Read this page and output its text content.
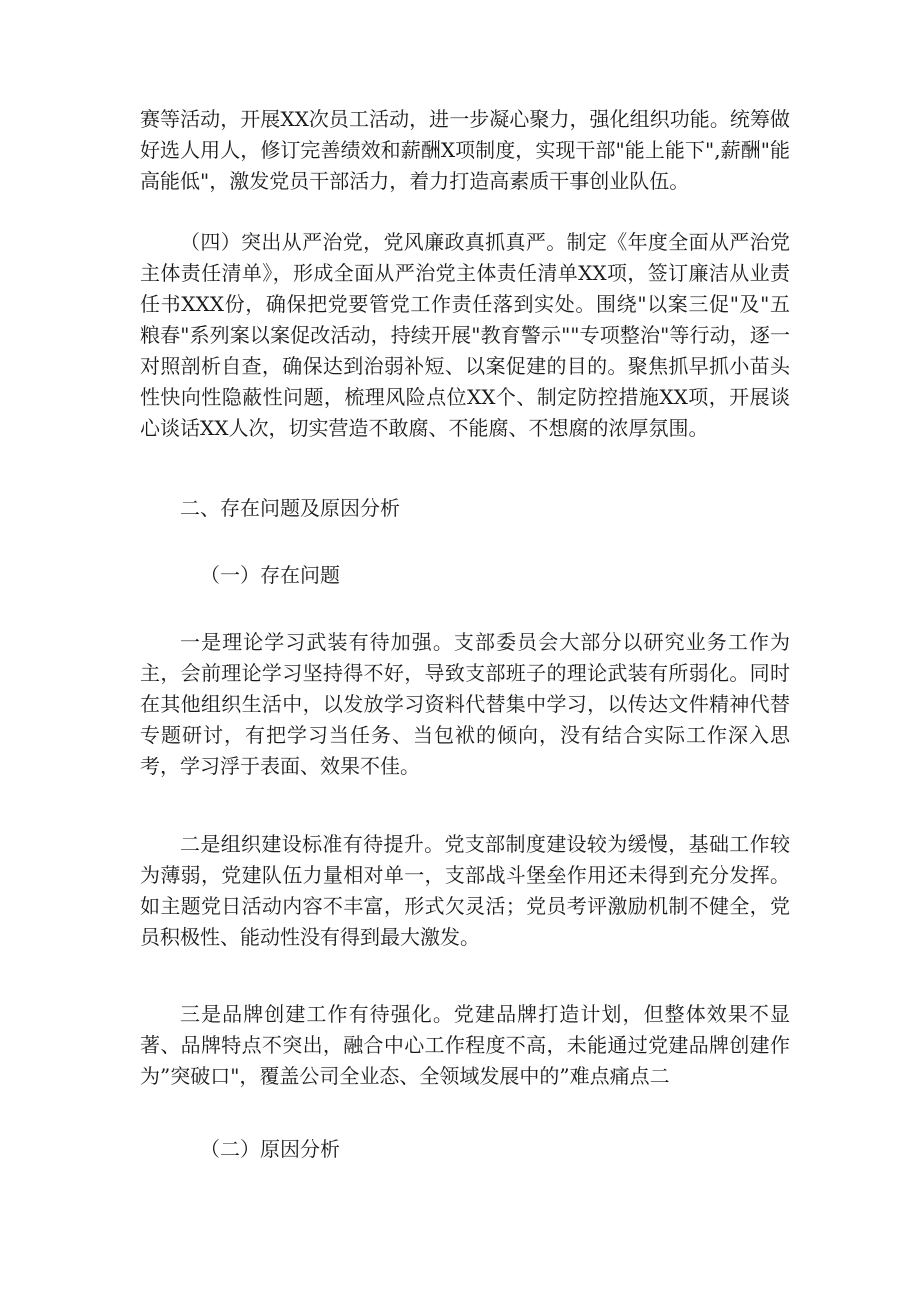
赛等活动，开展XX次员工活动，进一步凝心聚力，强化组织功能。统筹做好选人用人，修订完善绩效和薪酬X项制度，实现干部"能上能下",薪酬"能高能低"，激发党员干部活力，着力打造高素质干事创业队伍。

（四）突出从严治党，党风廉政真抓真严。制定《年度全面从严治党主体责任清单》，形成全面从严治党主体责任清单XX项，签订廉洁从业责任书XXX份，确保把党要管党工作责任落到实处。围绕"以案三促"及"五粮春"系列案以案促改活动，持续开展"教育警示""专项整治"等行动，逐一对照剖析自查，确保达到治弱补短、以案促建的目的。聚焦抓早抓小苗头性快向性隐蔽性问题，梳理风险点位XX个、制定防控措施XX项，开展谈心谈话XX人次，切实营造不敢腐、不能腐、不想腐的浓厚氛围。

二、存在问题及原因分析

（一）存在问题

一是理论学习武装有待加强。支部委员会大部分以研究业务工作为主，会前理论学习坚持得不好，导致支部班子的理论武装有所弱化。同时在其他组织生活中，以发放学习资料代替集中学习，以传达文件精神代替专题研讨，有把学习当任务、当包袱的倾向，没有结合实际工作深入思考，学习浮于表面、效果不佳。

二是组织建设标准有待提升。党支部制度建设较为缓慢，基础工作较为薄弱，党建队伍力量相对单一，支部战斗堡垒作用还未得到充分发挥。如主题党日活动内容不丰富，形式欠灵活；党员考评激励机制不健全，党员积极性、能动性没有得到最大激发。

三是品牌创建工作有待强化。党建品牌打造计划，但整体效果不显著、品牌特点不突出，融合中心工作程度不高，未能通过党建品牌创建作为”突破口"，覆盖公司全业态、全领域发展中的”难点痛点二

（二）原因分析
